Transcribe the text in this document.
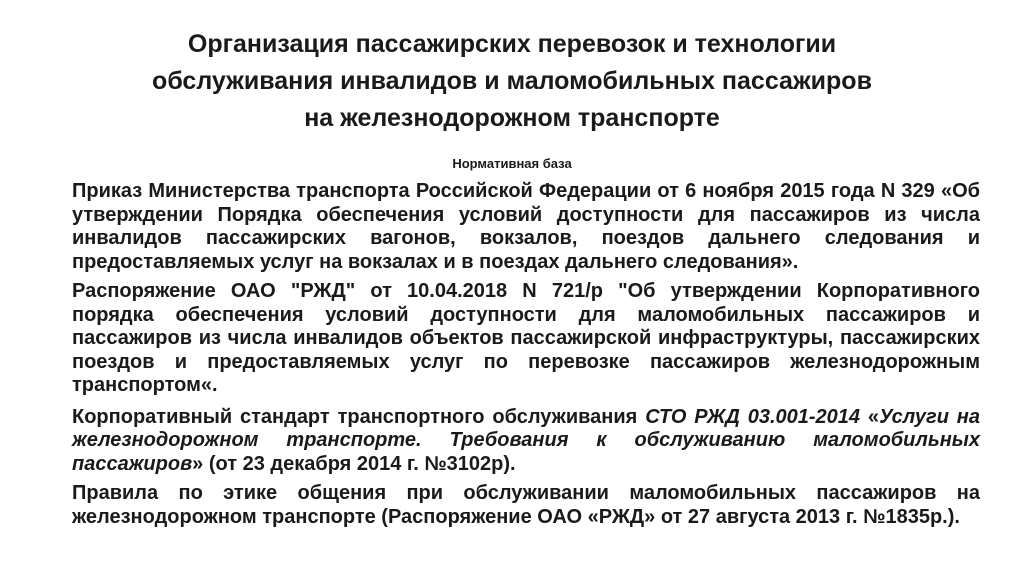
Организация пассажирских перевозок и технологии
обслуживания инвалидов и маломобильных пассажиров
на железнодорожном транспорте

Нормативная база

Приказ Министерства транспорта Российской Федерации от 6 ноября 2015 года N 329 «Об утверждении Порядка обеспечения условий доступности для пассажиров из числа инвалидов пассажирских вагонов, вокзалов, поездов дальнего следования и предоставляемых услуг на вокзалах и в поездах дальнего следования».

Распоряжение ОАО "РЖД" от 10.04.2018 N 721/р "Об утверждении Корпоративного порядка обеспечения условий доступности для маломобильных пассажиров и пассажиров из числа инвалидов объектов пассажирской инфраструктуры, пассажирских поездов и предоставляемых услуг по перевозке пассажиров железнодорожным транспортом«.

Корпоративный стандарт транспортного обслуживания СТО РЖД 03.001-2014 «Услуги на железнодорожном транспорте. Требования к обслуживанию маломобильных пассажиров» (от 23 декабря 2014 г. №3102р).

Правила по этике общения при обслуживании маломобильных пассажиров на железнодорожном транспорте (Распоряжение ОАО «РЖД» от 27 августа 2013 г. №1835р.).
